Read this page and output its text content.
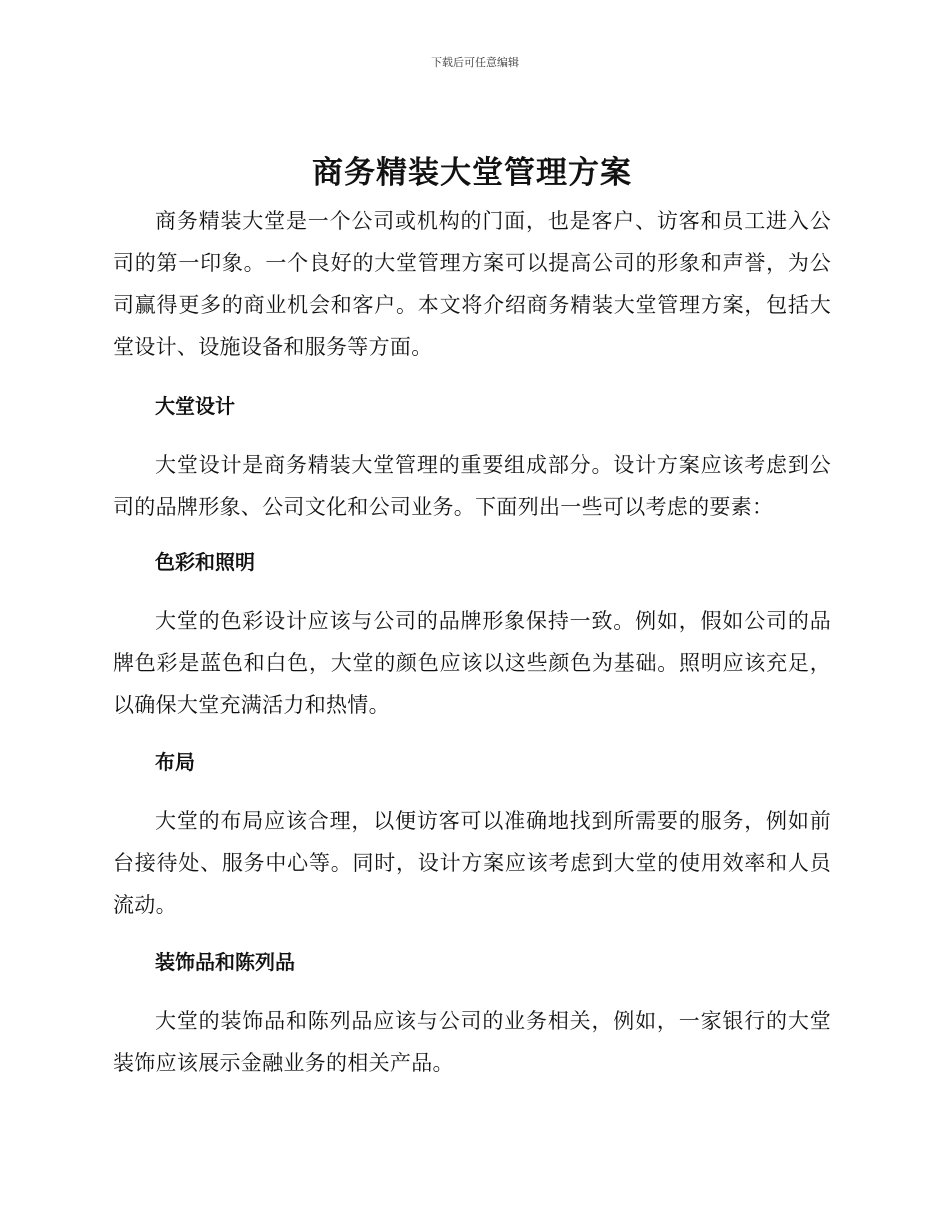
下载后可任意编辑
商务精装大堂管理方案

商务精装大堂是一个公司或机构的门面，也是客户、访客和员工进入公司的第一印象。一个良好的大堂管理方案可以提高公司的形象和声誉，为公司赢得更多的商业机会和客户。本文将介绍商务精装大堂管理方案，包括大堂设计、设施设备和服务等方面。

大堂设计

大堂设计是商务精装大堂管理的重要组成部分。设计方案应该考虑到公司的品牌形象、公司文化和公司业务。下面列出一些可以考虑的要素：

色彩和照明

大堂的色彩设计应该与公司的品牌形象保持一致。例如，假如公司的品牌色彩是蓝色和白色，大堂的颜色应该以这些颜色为基础。照明应该充足，以确保大堂充满活力和热情。

布局

大堂的布局应该合理，以便访客可以准确地找到所需要的服务，例如前台接待处、服务中心等。同时，设计方案应该考虑到大堂的使用效率和人员流动。

装饰品和陈列品

大堂的装饰品和陈列品应该与公司的业务相关，例如，一家银行的大堂装饰应该展示金融业务的相关产品。
